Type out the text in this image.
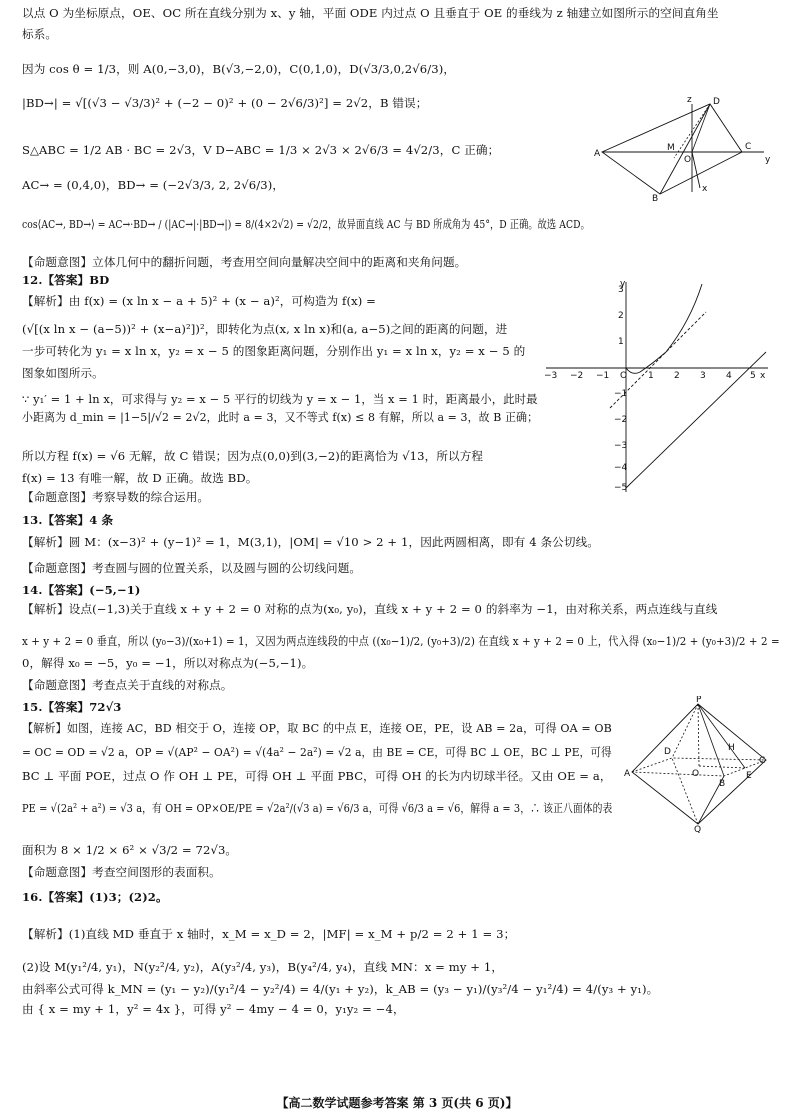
以点 O 为坐标原点，OE、OC 所在直线分别为 x、y 轴，平面 ODE 内过点 O 且垂直于 OE 的垂线为 z 轴建立如图所示的空间直角坐
标系。
因为 cos θ = 1/3，则 A(0,−3,0)，B(√3,−2,0)，C(0,1,0)，D(√3/3,0,2√6/3)，
|BD→| = √[(√3 − √3/3)² + (−2 − 0)² + (0 − 2√6/3)²] = 2√2，B 错误；
S△ABC = 1/2 AB · BC = 2√3，V D−ABC = 1/3 × 2√3 × 2√6/3 = 4√2/3，C 正确；
AC→ = (0,4,0)，BD→ = (−2√3/3, 2, 2√6/3)，
cos⟨AC→, BD→⟩ = AC→·BD→ / (|AC→|·|BD→|) = 8/(4×2√2) = √2/2，故异面直线 AC 与 BD 所成角为 45°，D 正确。故选 ACD。
【命题意图】立体几何中的翻折问题，考查用空间向量解决空间中的距离和夹角问题。
12.【答案】BD
【解析】由 f(x) = (x ln x − a + 5)² + (x − a)²，可构造为 f(x) =
(√[(x ln x − (a−5))² + (x−a)²])²，即转化为点(x, x ln x)和(a, a−5)之间的距离的问题，进
一步可转化为 y₁ = x ln x，y₂ = x − 5 的图象距离问题，分别作出 y₁ = x ln x，y₂ = x − 5 的
图象如图所示。
∵ y₁′ = 1 + ln x，可求得与 y₂ = x − 5 平行的切线为 y = x − 1，当 x = 1 时，距离最小，此时最
小距离为 d_min = |1−5|/√2 = 2√2，此时 a = 3，又不等式 f(x) ≤ 8 有解，所以 a = 3，故 B 正确；
所以方程 f(x) = √6 无解，故 C 错误；因为点(0,0)到(3,−2)的距离恰为 √13，所以方程
f(x) = 13 有唯一解，故 D 正确。故选 BD。
【命题意图】考察导数的综合运用。
13.【答案】4 条
【解析】圆 M：(x−3)² + (y−1)² = 1，M(3,1)，|OM| = √10 > 2 + 1，因此两圆相离，即有 4 条公切线。
【命题意图】考查圆与圆的位置关系，以及圆与圆的公切线问题。
14.【答案】(−5,−1)
【解析】设点(−1,3)关于直线 x + y + 2 = 0 对称的点为(x₀, y₀)，直线 x + y + 2 = 0 的斜率为 −1，由对称关系，两点连线与直线
x + y + 2 = 0 垂直，所以 (y₀−3)/(x₀+1) = 1，又因为两点连线段的中点 ((x₀−1)/2, (y₀+3)/2) 在直线 x + y + 2 = 0 上，代入得 (x₀−1)/2 + (y₀+3)/2 + 2 =
0，解得 x₀ = −5，y₀ = −1，所以对称点为(−5,−1)。
【命题意图】考查点关于直线的对称点。
15.【答案】72√3
【解析】如图，连接 AC，BD 相交于 O，连接 OP，取 BC 的中点 E，连接 OE，PE，设 AB = 2a，可得 OA = OB
= OC = OD = √2 a，OP = √(AP² − OA²) = √(4a² − 2a²) = √2 a，由 BE = CE，可得 BC ⊥ OE，BC ⊥ PE，可得
BC ⊥ 平面 POE，过点 O 作 OH ⊥ PE，可得 OH ⊥ 平面 PBC，可得 OH 的长为内切球半径。又由 OE = a，
PE = √(2a² + a²) = √3 a，有 OH = OP×OE/PE = √2a²/(√3 a) = √6/3 a，可得 √6/3 a = √6，解得 a = 3，∴ 该正八面体的表
面积为 8 × 1/2 × 6² × √3/2 = 72√3。
【命题意图】考查空间图形的表面积。
16.【答案】(1)3；(2)2。
【解析】(1)直线 MD 垂直于 x 轴时，x_M = x_D = 2，|MF| = x_M + p/2 = 2 + 1 = 3；
(2)设 M(y₁²/4, y₁)，N(y₂²/4, y₂)，A(y₃²/4, y₃)，B(y₄²/4, y₄)，直线 MN：x = my + 1，
由 { x = my + 1，y² = 4x }，可得 y² − 4my − 4 = 0，y₁y₂ = −4，
由斜率公式可得 k_MN = (y₁ − y₂)/(y₁²/4 − y₂²/4) = 4/(y₁ + y₂)，k_AB = (y₃ − y₁)/(y₃²/4 − y₁²/4) = 4/(y₃ + y₁)。
z D
M
A
O
C
y
B
x
y
3
2
1
O 1 2 3 4 5 x
−1
−2
−3
−4
−5
−3 −2 −1
P
D	H
A	O	E
C
B
Q
【高二数学试题参考答案 第 3 页(共 6 页)】
